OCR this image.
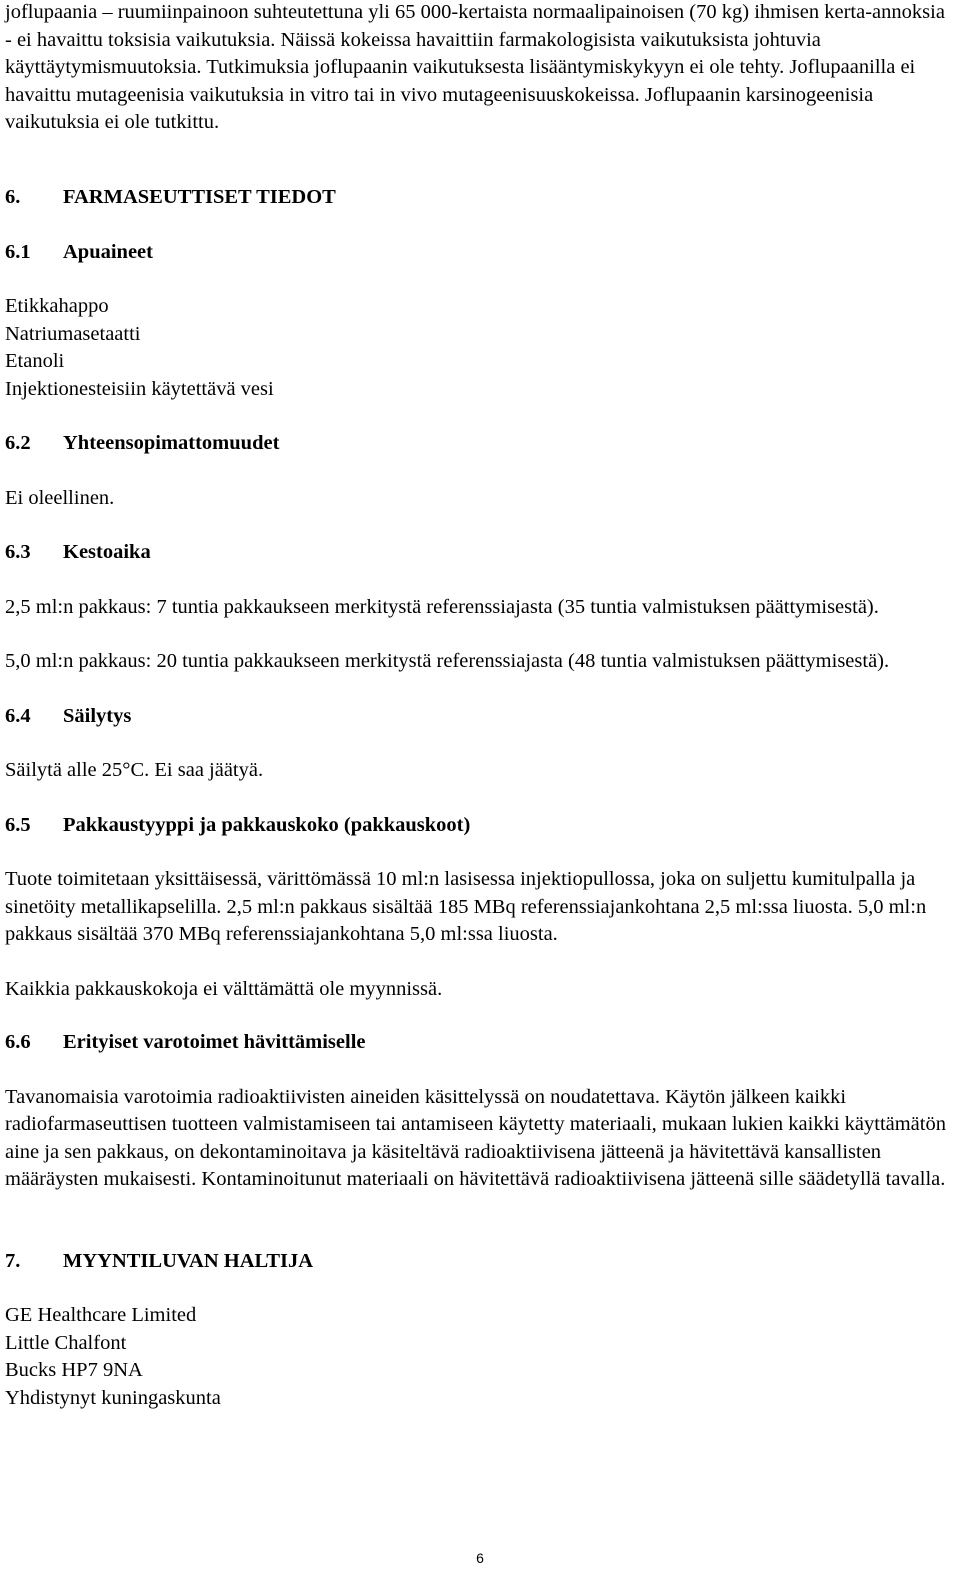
joflupaania – ruumiinpainoon suhteutettuna yli 65 000-kertaista normaalipainoisen (70 kg) ihmisen kerta-annoksia - ei havaittu toksisia vaikutuksia. Näissä kokeissa havaittiin farmakologisista vaikutuksista johtuvia käyttäytymismuutoksia. Tutkimuksia joflupaanin vaikutuksesta lisääntymiskykyyn ei ole tehty. Joflupaanilla ei havaittu mutageenisia vaikutuksia in vitro tai in vivo mutageenisuuskokeissa. Joflupaanin karsinogeenisia vaikutuksia ei ole tutkittu.

6.	FARMASEUTTISET TIEDOT
6.1	Apuaineet

Etikkahappo

Natriumasetaatti

Etanoli

Injektionesteisiin käytettävä vesi

6.2	Yhteensopimattomuudet

Ei oleellinen.

6.3	Kestoaika

2,5 ml:n pakkaus: 7 tuntia pakkaukseen merkitystä referenssiajasta (35 tuntia valmistuksen päättymisestä).

5,0 ml:n pakkaus: 20 tuntia pakkaukseen merkitystä referenssiajasta (48 tuntia valmistuksen päättymisestä).

6.4	Säilytys

Säilytä alle 25°C. Ei saa jäätyä.

6.5	Pakkaustyyppi ja pakkauskoko (pakkauskoot)

Tuote toimitetaan yksittäisessä, värittömässä 10 ml:n lasisessa injektiopullossa, joka on suljettu kumitulpalla ja sinetöity metallikapselilla. 2,5 ml:n pakkaus sisältää 185 MBq referenssiajankohtana 2,5 ml:ssa liuosta. 5,0 ml:n pakkaus sisältää 370 MBq referenssiajankohtana 5,0 ml:ssa liuosta.

Kaikkia pakkauskokoja ei välttämättä ole myynnissä.

6.6	Erityiset varotoimet hävittämiselle

Tavanomaisia varotoimia radioaktiivisten aineiden käsittelyssä on noudatettava. Käytön jälkeen kaikki radiofarmaseuttisen tuotteen valmistamiseen tai antamiseen käytetty materiaali, mukaan lukien kaikki käyttämätön aine ja sen pakkaus, on dekontaminoitava ja käsiteltävä radioaktiivisena jätteenä ja hävitettävä kansallisten määräysten mukaisesti. Kontaminoitunut materiaali on hävitettävä radioaktiivisena jätteenä sille säädetyllä tavalla.

7.	MYYNTILUVAN HALTIJA

GE Healthcare Limited

Little Chalfont

Bucks HP7 9NA

Yhdistynyt kuningaskunta

6
